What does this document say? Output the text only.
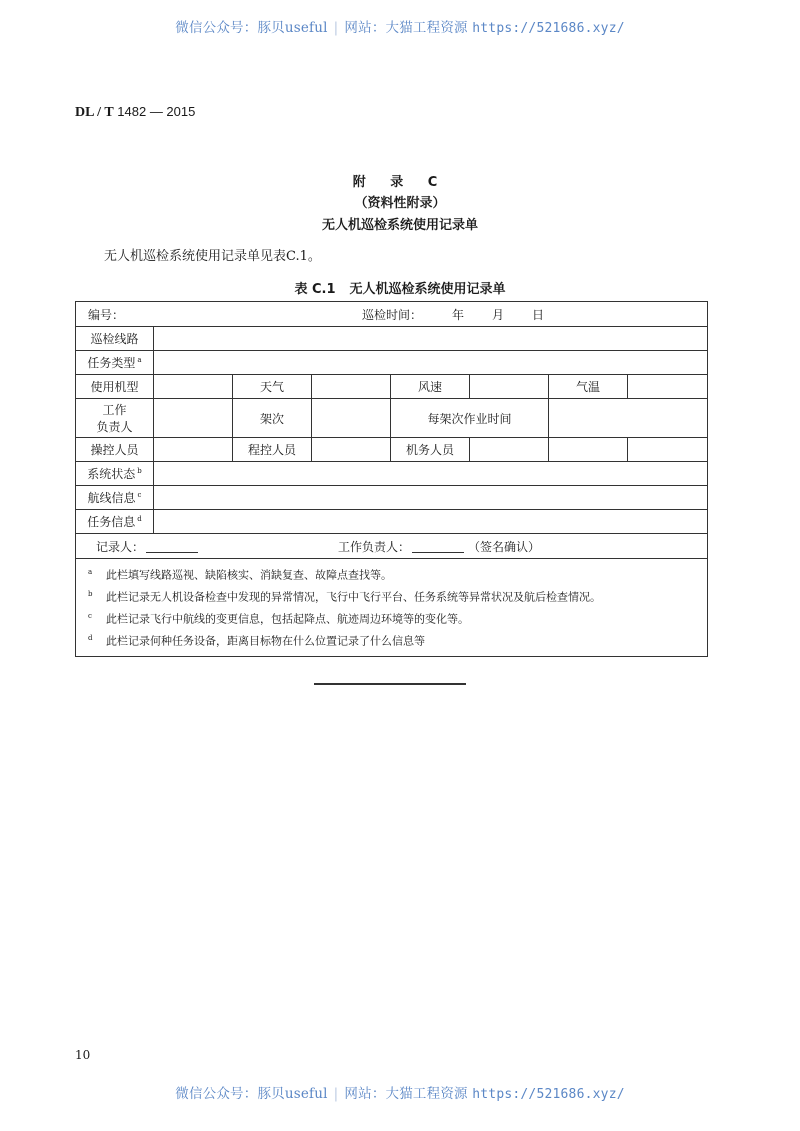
微信公众号：豚贝useful | 网站：大猫工程资源 https://521686.xyz/
DL / T 1482 — 2015
附 录 C
（资料性附录）
无人机巡检系统使用记录单
无人机巡检系统使用记录单见表C.1。
表 C.1 无人机巡检系统使用记录单
编号： 巡检时间： 年 月 日							

巡检线路							
任务类型 $^a$	
使用机型		天气		风速		气温	
工作
负责人		架次		每架次作业时间			
操控人员		程控人员		机务人员			
系统状态 $^b$	
航线信息 $^c$	
任务信息 $^d$	

记录人： 工作负责人： （签名确认）							

a 此栏填写线路巡视、缺陷核实、消缺复查、故障点查找等。
b 此栏记录无人机设备检查中发现的异常情况，飞行中飞行平台、任务系统等异常状况及航后检查情况。
c 此栏记录飞行中航线的变更信息，包括起降点、航迹周边环境等的变化等。
d 此栏记录何种任务设备，距离目标物在什么位置记录了什么信息等							
10
微信公众号：豚贝useful | 网站：大猫工程资源 https://521686.xyz/
